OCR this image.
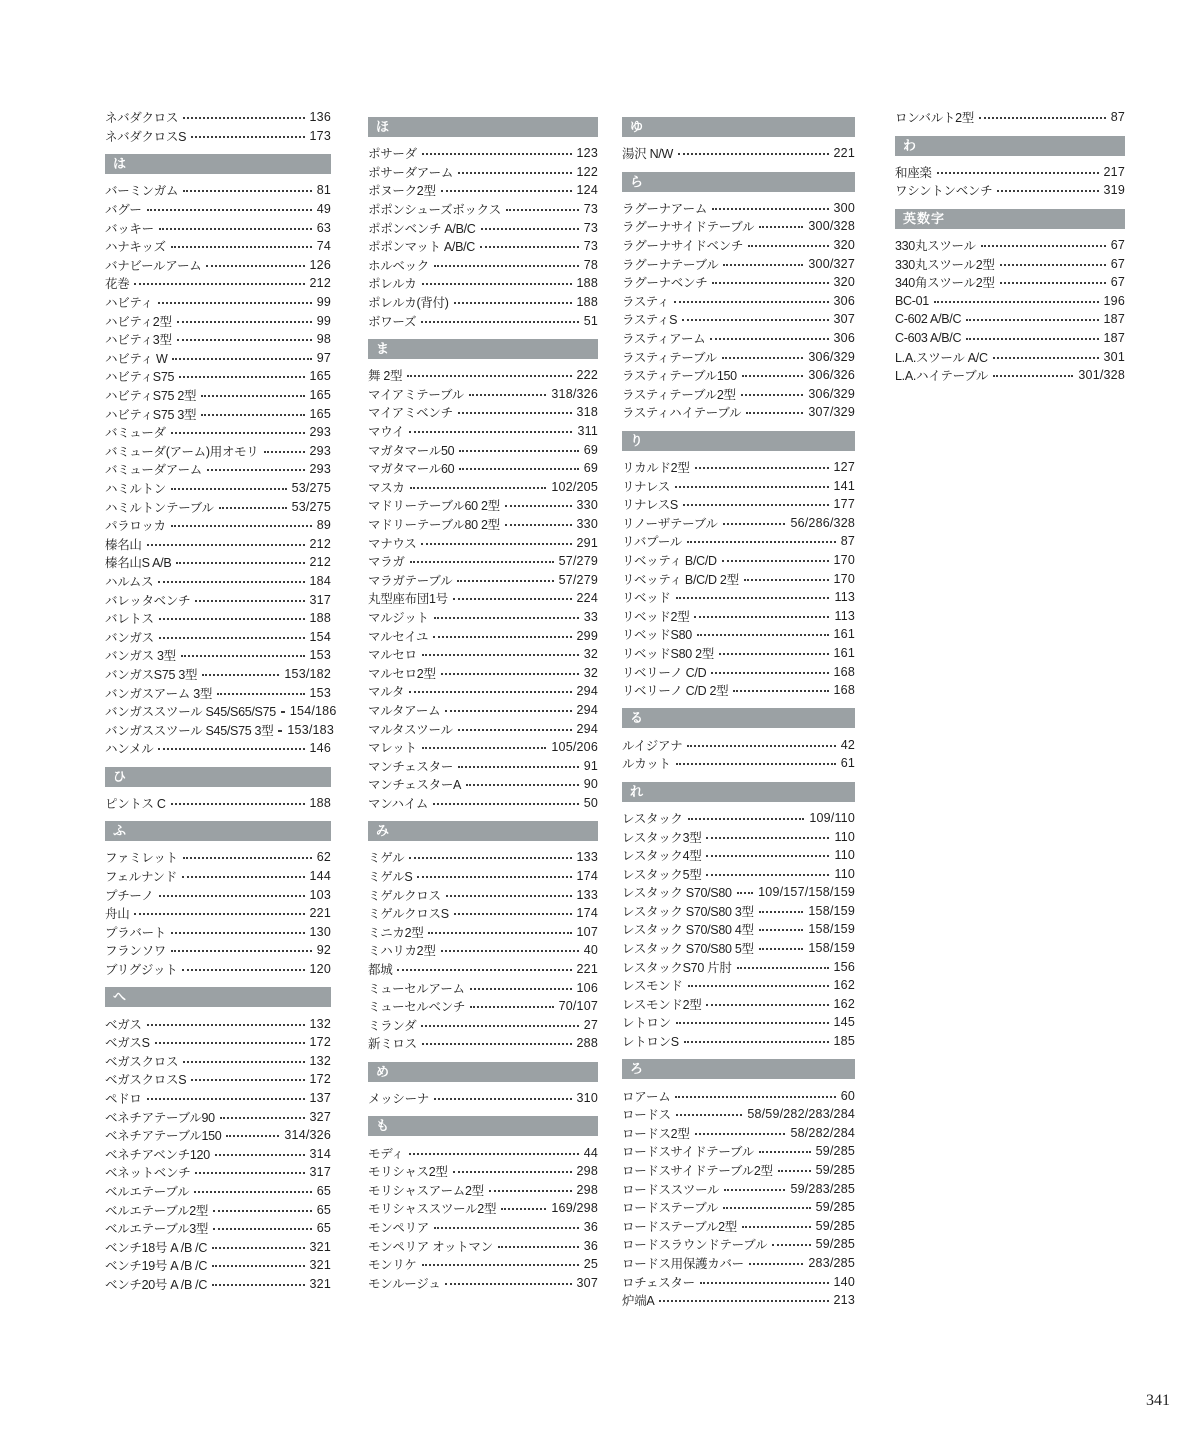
ネバダクロス	136
ネバダクロスS	173
は
バーミンガム	81
バグー	49
バッキー	63
ハナキッズ	74
バナビールアーム	126
花巻	212
ハビティ	99
ハビティ2型	99
ハビティ3型	98
ハビティ W	97
ハビティS75	165
ハビティS75 2型	165
ハビティS75 3型	165
バミューダ	293
バミューダ(アーム)用オモリ	293
バミューダアーム	293
ハミルトン	53/275
ハミルトンテーブル	53/275
パラロッカ	89
榛名山	212
榛名山S A/B	212
ハルムス	184
バレッタベンチ	317
バレトス	188
バンガス	154
バンガス 3型	153
バンガスS75 3型	153/182
バンガスアーム 3型	153
バンガススツール S45/S65/S75 154/186
バンガススツール S45/S75 3型 153/183
ハンメル	146
ひ
ピントス C	188
ふ
ファミレット	62
フェルナンド	144
プチーノ	103
舟山	221
プラバート	130
フランソワ	92
ブリグジット	120
へ
ベガス	132
ベガスS	172
ベガスクロス	132
ベガスクロスS	172
ペドロ	137
ベネチアテーブル90	327
ベネチアテーブル150	314/326
ベネチアベンチ120	314
ベネットベンチ	317
ベルエテーブル	65
ベルエテーブル2型	65
ベルエテーブル3型	65
ベンチ18号 A /B /C	321
ベンチ19号 A /B /C	321
ベンチ20号 A /B /C	321
ほ
ポサーダ	123
ポサーダアーム	122
ポヌーク2型	124
ポポンシューズボックス	73
ポポンベンチ A/B/C	73
ポポンマット A/B/C	73
ホルベック	78
ポレルカ	188
ポレルカ(背付)	188
ボワーズ	51
ま
舞 2型	222
マイアミテーブル	318/326
マイアミベンチ	318
マウイ	311
マガタマール50	69
マガタマール60	69
マスカ	102/205
マドリーテーブル60 2型	330
マドリーテーブル80 2型	330
マナウス	291
マラガ	57/279
マラガテーブル	57/279
丸型座布団1号	224
マルジット	33
マルセイユ	299
マルセロ	32
マルセロ2型	32
マルタ	294
マルタアーム	294
マルタスツール	294
マレット	105/206
マンチェスター	91
マンチェスターA	90
マンハイム	50
み
ミゲル	133
ミゲルS	174
ミゲルクロス	133
ミゲルクロスS	174
ミニカ2型	107
ミハリカ2型	40
都城	221
ミューセルアーム	106
ミューセルベンチ	70/107
ミランダ	27
新ミロス	288
め
メッシーナ	310
も
モディ	44
モリシャス2型	298
モリシャスアーム2型	298
モリシャススツール2型	169/298
モンペリア	36
モンペリア オットマン	36
モンリケ	25
モンルージュ	307
ゆ
湯沢 N/W	221
ら
ラグーナアーム	300
ラグーナサイドテーブル	300/328
ラグーナサイドベンチ	320
ラグーナテーブル	300/327
ラグーナベンチ	320
ラスティ	306
ラスティS	307
ラスティアーム	306
ラスティテーブル	306/329
ラスティテーブル150	306/326
ラスティテーブル2型	306/329
ラスティハイテーブル	307/329
り
リカルド2型	127
リナレス	141
リナレスS	177
リノーザテーブル	56/286/328
リバプール	87
リベッティ B/C/D	170
リベッティ B/C/D 2型	170
リベッド	113
リベッド2型	113
リベッドS80	161
リベッドS80 2型	161
リベリーノ C/D	168
リベリーノ C/D 2型	168
る
ルイジアナ	42
ルカット	61
れ
レスタック	109/110
レスタック3型	110
レスタック4型	110
レスタック5型	110
レスタック S70/S80 109/157/158/159
レスタック S70/S80 3型	158/159
レスタック S70/S80 4型	158/159
レスタック S70/S80 5型	158/159
レスタックS70 片肘	156
レスモンド	162
レスモンド2型	162
レトロン	145
レトロンS	185
ろ
ロアーム	60
ロードス	58/59/282/283/284
ロードス2型	58/282/284
ロードスサイドテーブル	59/285
ロードスサイドテーブル2型	59/285
ロードススツール	59/283/285
ロードステーブル	59/285
ロードステーブル2型	59/285
ロードスラウンドテーブル	59/285
ロードス用保護カバー	283/285
ロチェスター	140
炉端A	213
ロンバルト2型	87
わ
和座楽	217
ワシントンベンチ	319
英数字
330丸スツール	67
330丸スツール2型	67
340角スツール2型	67
BC-01	196
C-602 A/B/C	187
C-603 A/B/C	187
L.A.スツール A/C	301
L.A.ハイテーブル	301/328
341
